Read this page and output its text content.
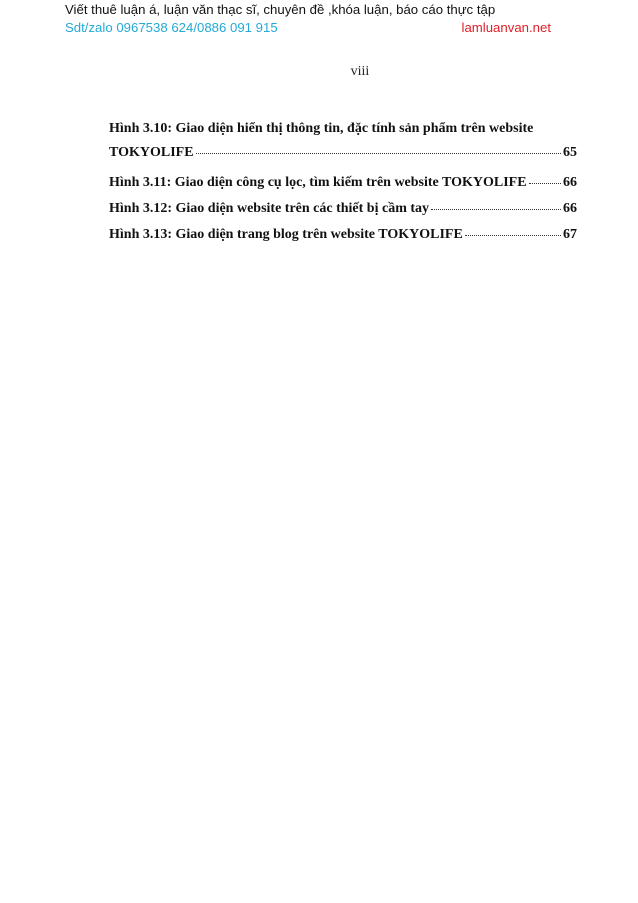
Viết thuê luận á, luận văn thạc sĩ, chuyên đề ,khóa luận, báo cáo thực tập
Sdt/zalo 0967538 624/0886 091 915	lamluanvan.net
viii
Hình 3.10: Giao diện hiển thị thông tin, đặc tính sản phẩm trên website
TOKYOLIFE	65
Hình 3.11: Giao diện công cụ lọc, tìm kiếm trên website TOKYOLIFE	66
Hình 3.12: Giao diện website trên các thiết bị cầm tay	66
Hình 3.13: Giao diện trang blog trên website TOKYOLIFE	67
